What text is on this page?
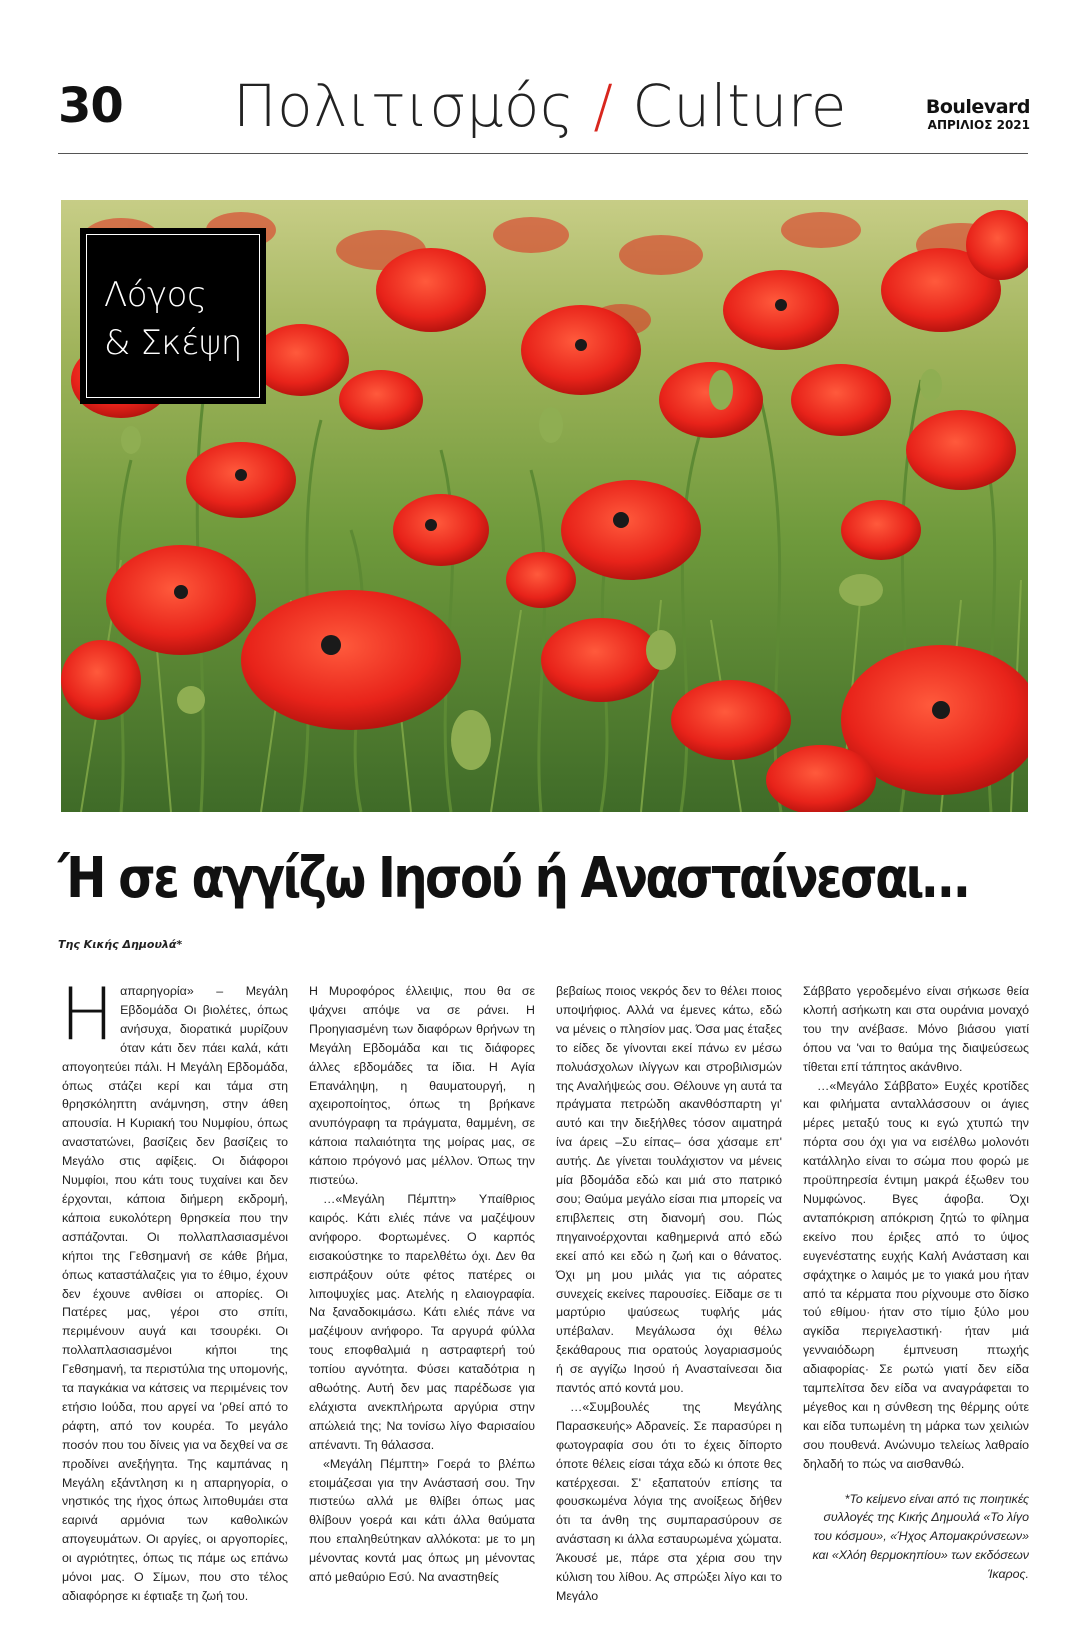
30	Πολιτισμός / Culture	Boulevard
ΑΠΡΙΛΙΟΣ 2021
Λόγος
& Σκέψη
Ή σε αγγίζω Ιησού ή Ανασταίνεσαι…
Της Κικής Δημουλά*

Ηαπαρηγορία» – Μεγάλη Εβδομάδα Οι βιολέτες, όπως ανήσυχα, διορατικά μυρίζουν όταν κάτι δεν πάει καλά, κάτι απογοητεύει πάλι. Η Μεγάλη Εβδομάδα, όπως στάζει κερί και τάμα στη θρησκόληπτη ανάμνηση, στην άθεη απουσία. Η Κυριακή του Νυμφίου, όπως αναστατώνει, βασίζεις δεν βασίζεις το Μεγάλο στις αφίξεις. Οι διάφοροι Νυμφίοι, που κάτι τους τυχαίνει και δεν έρχονται, κάποια διήμερη εκδρομή, κάποια ευκολότερη θρησκεία που την ασπάζονται. Οι πολλαπλασιασμένοι κήποι της Γεθσημανή σε κάθε βήμα, όπως καταστάλαζεις για το έθιμο, έχουν δεν έχουνε ανθίσει οι απορίες. Οι Πατέρες μας, γέροι στο σπίτι, περιμένουν αυγά και τσουρέκι. Οι πολλαπλασιασμένοι κήποι της Γεθσημανή, τα περιστύλια της υπομονής, τα παγκάκια να κάτσεις να περιμένεις τον ετήσιο Ιούδα, που αργεί να 'ρθεί από το ράφτη, από τον κουρέα. Το μεγάλο ποσόν που του δίνεις για να δεχθεί να σε προδίνει ανεξήγητα. Της καμπάνας η Μεγάλη εξάντληση κι η απαρηγορία, ο νηστικός της ήχος όπως λιποθυμάει στα εαρινά αρμόνια των καθολικών απογευμάτων. Οι αργίες, οι αργοπορίες, οι αγριότητες, όπως τις πάμε ως επάνω μόνοι μας. Ο Σίμων, που στο τέλος αδιαφόρησε κι έφτιαξε τη ζωή του.

Η Μυροφόρος έλλειψις, που θα σε ψάχνει απόψε να σε ράνει. Η Προηγιασμένη των διαφόρων θρήνων τη Μεγάλη Εβδομάδα και τις διάφορες άλλες εβδομάδες τα ίδια. Η Αγία Επανάληψη, η θαυματουργή, η αχειροποίητος, όπως τη βρήκανε ανυπόγραφη τα πράγματα, θαμμένη, σε κάποια παλαιότητα της μοίρας μας, σε κάποιο πρόγονό μας μέλλον. Όπως την πιστεύω.

…«Μεγάλη Πέμπτη» Υπαίθριος καιρός. Κάτι ελιές πάνε να μαζέψουν ανήφορο. Φορτωμένες. Ο καρπός εισακούστηκε το παρελθέτω όχι. Δεν θα εισπράξουν ούτε φέτος πατέρες οι λιποψυχίες μας. Ατελής η ελαιογραφία. Να ξαναδοκιμάσω. Κάτι ελιές πάνε να μαζέψουν ανήφορο. Τα αργυρά φύλλα τους εποφθαλμιά η αστραφτερή τού τοπίου αγνότητα. Φύσει καταδότρια η αθωότης. Αυτή δεν μας παρέδωσε για ελάχιστα ανεκπλήρωτα αργύρια στην απώλειά της; Να τονίσω λίγο Φαρισαίου απέναντι. Τη θάλασσα.

«Μεγάλη Πέμπτη» Γοερά το βλέπω ετοιμάζεσαι για την Ανάστασή σου. Την πιστεύω αλλά με θλίβει όπως μας θλίβουν γοερά και κάτι άλλα θαύματα που επαληθεύτηκαν αλλόκοτα: με το μη μένοντας κοντά μας όπως μη μένοντας από μεθαύριο Εσύ. Να αναστηθείς

βεβαίως ποιος νεκρός δεν το θέλει ποιος υποψήφιος. Αλλά να έμενες κάτω, εδώ να μένεις ο πλησίον μας. Όσα μας έταξες το είδες δε γίνονται εκεί πάνω εν μέσω πολυάσχολων ιλίγγων και στροβιλισμών της Αναλήψεώς σου. Θέλουνε γη αυτά τα πράγματα πετρώδη ακανθόσπαρτη γι' αυτό και την διεξήλθες τόσον αιματηρά ίνα άρεις –Συ είπας– όσα χάσαμε επ' αυτής. Δε γίνεται τουλάχιστον να μένεις μία βδομάδα εδώ και μιά στο πατρικό σου; Θαύμα μεγάλο είσαι πια μπορείς να επιβλεπεις στη διανομή σου. Πώς πηγαινοέρχονται καθημερινά από εδώ εκεί από κει εδώ η ζωή και ο θάνατος. Όχι μη μου μιλάς για τις αόρατες συνεχείς εκείνες παρουσίες. Είδαμε σε τι μαρτύριο ψαύσεως τυφλής μάς υπέβαλαν. Μεγάλωσα όχι θέλω ξεκάθαρους πια ορατούς λογαριασμούς ή σε αγγίζω Ιησού ή Ανασταίνεσαι δια παντός από κοντά μου.

…«Συμβουλές της Μεγάλης Παρασκευής» Αδρανείς. Σε παρασύρει η φωτογραφία σου ότι το έχεις δίπορτο όποτε θέλεις είσαι τάχα εδώ κι όποτε θες κατέρχεσαι. Σ' εξαπατούν επίσης τα φουσκωμένα λόγια της ανοίξεως δήθεν ότι τα άνθη της συμπαρασύρουν σε ανάσταση κι άλλα εσταυρωμένα χώματα. Άκουσέ με, πάρε στα χέρια σου την κύλιση του λίθου. Ας σπρώξει λίγο και το Μεγάλο

Σάββατο γεροδεμένο είναι σήκωσε θεία κλοπή ασήκωτη και στα ουράνια μοναχό του την ανέβασε. Μόνο βιάσου γιατί όπου να 'ναι το θαύμα της διαψεύσεως τίθεται επί τάπητος ακάνθινο.

…«Μεγάλο Σάββατο» Ευχές κροτίδες και φιλήματα ανταλλάσσουν οι άγιες μέρες μεταξύ τους κι εγώ χτυπώ την πόρτα σου όχι για να εισέλθω μολονότι κατάλληλο είναι το σώμα που φορώ με προϋπηρεσία έντιμη μακρά έξωθεν του Νυμφώνος. Βγες άφοβα. Όχι ανταπόκριση απόκριση ζητώ το φίλημα εκείνο που έριξες από το ύψος ευγενέστατης ευχής Καλή Ανάσταση και σφάχτηκε ο λαιμός με το γιακά μου ήταν από τα κέρματα που ρίχνουμε στο δίσκο τού εθίμου· ήταν στο τίμιο ξύλο μου αγκίδα περιγελαστική· ήταν μιά γενναιόδωρη έμπνευση πτωχής αδιαφορίας· Σε ρωτώ γιατί δεν είδα ταμπελίτσα δεν είδα να αναγράφεται το μέγεθος και η σύνθεση της θέρμης ούτε και είδα τυπωμένη τη μάρκα των χειλιών σου πουθενά. Ανώνυμο τελείως λαθραίο δηλαδή το πώς να αισθανθώ.

*Το κείμενο είναι από τις ποιητικές συλλογές της Κικής Δημουλά «Το λίγο του κόσμου», «Ήχος Απομακρύνσεων» και «Χλόη θερμοκηπίου» των εκδόσεων Ίκαρος.
